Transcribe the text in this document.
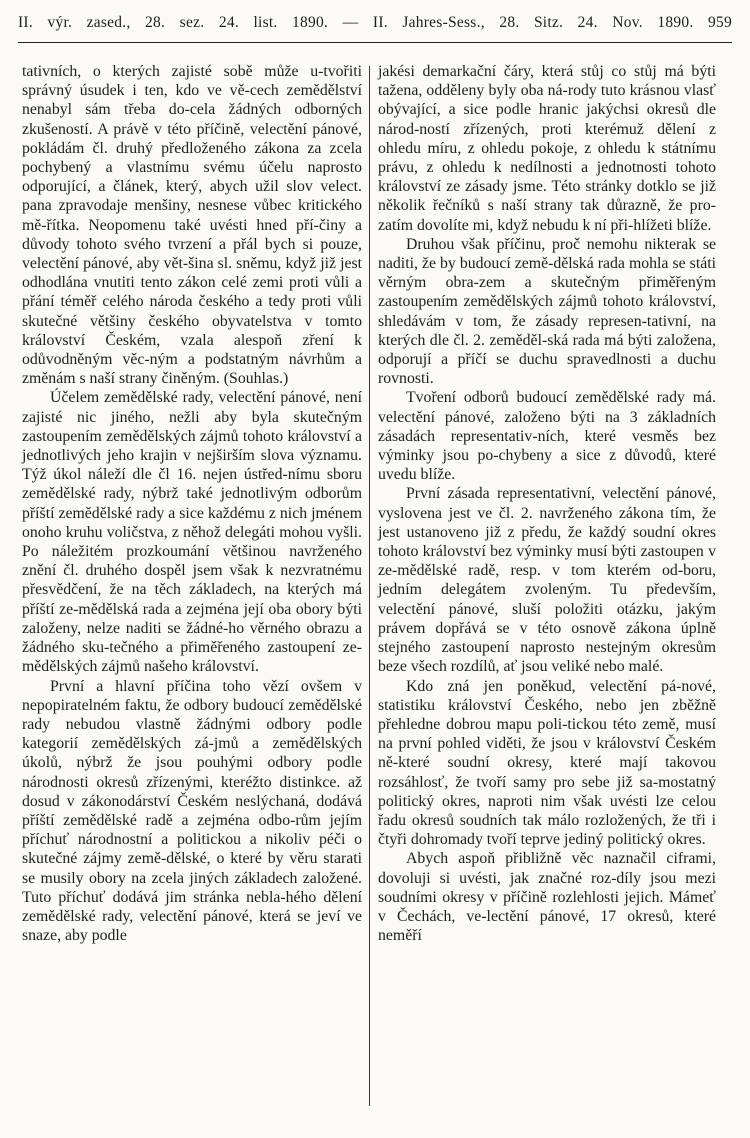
II. výr. zased., 28. sez. 24. list. 1890. — II. Jahres-Sess., 28. Sitz. 24. Nov. 1890. 959

tativních, o kterých zajisté sobě může u-tvořiti správný úsudek i ten, kdo ve vě-cech zemědělství nenabyl sám třeba do-cela žádných odborných zkušeností. A právě v této příčině, velectění pánové, pokládám čl. druhý předloženého zákona za zcela pochybený a vlastnímu svému účelu naprosto odporující, a článek, který, abych užil slov velect. pana zpravodaje menšiny, nesnese vůbec kritického mě-řítka. Neopomenu také uvésti hned pří-činy a důvody tohoto svého tvrzení a přál bych si pouze, velectění pánové, aby vět-šina sl. sněmu, když již jest odhodlána vnutiti tento zákon celé zemi proti vůli a přání téměř celého národa českého a tedy proti vůli skutečné většiny českého obyvatelstva v tomto království Českém, vzala alespoň zření k odůvodněným věc-ným a podstatným návrhům a změnám s naší strany činěným. (Souhlas.)

Účelem zemědělské rady, velectění pánové, není zajisté nic jiného, nežli aby byla skutečným zastoupením zemědělských zájmů tohoto království a jednotlivých jeho krajin v nejširším slova významu. Týž úkol náleží dle čl 16. nejen ústřed-nímu sboru zemědělské rady, nýbrž také jednotlivým odborům příští zemědělské rady a sice každému z nich jménem onoho kruhu voličstva, z něhož delegáti mohou vyšli. Po náležitém prozkoumání většinou navrženého znění čl. druhého dospěl jsem však k nezvratnému přesvědčení, že na těch základech, na kterých má příští ze-mědělská rada a zejména její oba obory býti založeny, nelze naditi se žádné-ho věrného obrazu a žádného sku-tečného a přiměřeného zastoupení ze-mědělských zájmů našeho království.

První a hlavní příčina toho vězí ovšem v nepopiratelném faktu, že odbory budoucí zemědělské rady nebudou vlastně žádnými odbory podle kategorií zemědělských zá-jmů a zemědělských úkolů, nýbrž že jsou pouhými odbory podle národnosti okresů zřízenými, kteréžto distinkce. až dosud v zákonodárství Českém neslýchaná, dodává příští zemědělské radě a zejména odbo-rům jejím příchuť národnostní a politickou a nikoliv péči o skutečné zájmy země-dělské, o které by věru starati se musily obory na zcela jiných základech založené. Tuto příchuť dodává jim stránka nebla-hého dělení zemědělské rady, velectění pánové, která se jeví ve snaze, aby podle

jakési demarkační čáry, která stůj co stůj má býti tažena, odděleny byly oba ná-rody tuto krásnou vlasť obývající, a sice podle hranic jakýchsi okresů dle národ-ností zřízených, proti kterémuž dělení z ohledu míru, z ohledu pokoje, z ohledu k státnímu právu, z ohledu k nedílnosti a jednotnosti tohoto království ze zásady jsme. Této stránky dotklo se již několik řečníků s naší strany tak důrazně, že pro-zatím dovolíte mi, když nebudu k ní při-hlížeti blíže.

Druhou však příčinu, proč nemohu nikterak se naditi, že by budoucí země-dělská rada mohla se státi věrným obra-zem a skutečným přiměřeným zastoupením zemědělských zájmů tohoto království, shledávám v tom, že zásady represen-tativní, na kterých dle čl. 2. zeměděl-ská rada má býti založena, odporují a příčí se duchu spravedlnosti a duchu rovnosti.

Tvoření odborů budoucí zemědělské rady má. velectění pánové, založeno býti na 3 základních zásadách representativ-ních, které vesměs bez výminky jsou po-chybeny a sice z důvodů, které uvedu blíže.

První zásada representativní, velectění pánové, vyslovena jest ve čl. 2. navrženého zákona tím, že jest ustanoveno již z předu, že každý soudní okres tohoto království bez výminky musí býti zastoupen v ze-mědělské radě, resp. v tom kterém od-boru, jedním delegátem zvoleným. Tu především, velectění pánové, sluší položiti otázku, jakým právem dopřává se v této osnově zákona úplně stejného zastoupení naprosto nestejným okresům beze všech rozdílů, ať jsou veliké nebo malé.

Kdo zná jen poněkud, velectění pá-nové, statistiku království Českého, nebo jen zběžně přehledne dobrou mapu poli-tickou této země, musí na první pohled viděti, že jsou v království Českém ně-které soudní okresy, které mají takovou rozsáhlosť, že tvoří samy pro sebe již sa-mostatný politický okres, naproti nim však uvésti lze celou řadu okresů soudních tak málo rozložených, že tři i čtyři dohromady tvoří teprve jediný politický okres.

Abych aspoň přibližně věc naznačil ciframi, dovoluji si uvésti, jak značné roz-díly jsou mezi soudními okresy v příčině rozlehlosti jejich. Mámeť v Čechách, ve-lectění pánové, 17 okresů, které neměří
